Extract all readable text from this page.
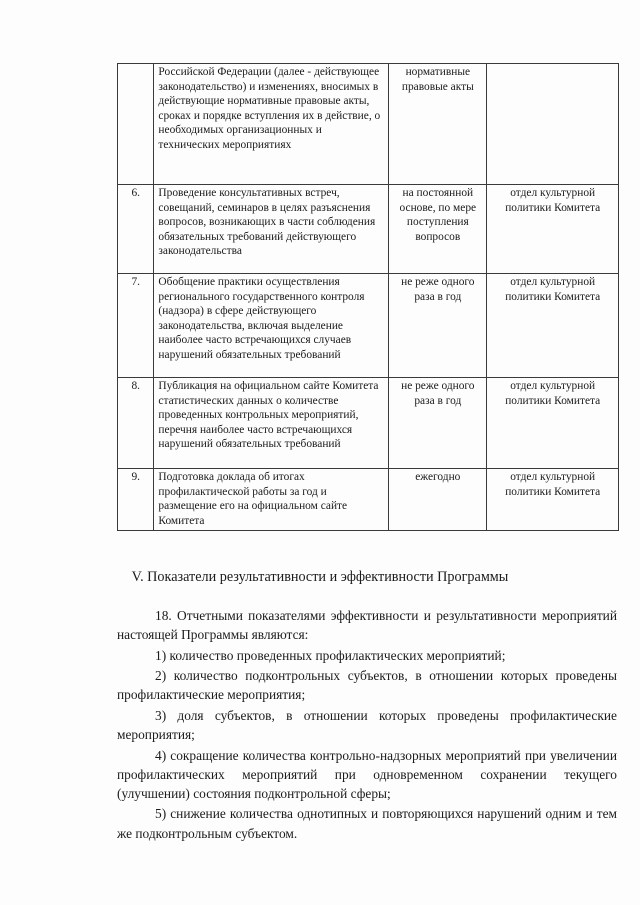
	Российской Федерации (далее - действующее законодательство) и изменениях, вносимых в действующие нормативные правовые акты, сроках и порядке вступления их в действие, о необходимых организационных и технических мероприятиях	нормативные правовые акты	
6.	Проведение консультативных встреч, совещаний, семинаров в целях разъяснения вопросов, возникающих в части соблюдения обязательных требований действующего законодательства	на постоянной основе, по мере поступления вопросов	отдел культурной политики Комитета
7.	Обобщение практики осуществления регионального государственного контроля (надзора) в сфере действующего законодательства, включая выделение наиболее часто встречающихся случаев нарушений обязательных требований	не реже одного раза в год	отдел культурной политики Комитета
8.	Публикация на официальном сайте Комитета статистических данных о количестве проведенных контрольных мероприятий, перечня наиболее часто встречающихся нарушений обязательных требований	не реже одного раза в год	отдел культурной политики Комитета
9.	Подготовка доклада об итогах профилактической работы за год и размещение его на официальном сайте Комитета	ежегодно	отдел культурной политики Комитета
V. Показатели результативности и эффективности Программы

18. Отчетными показателями эффективности и результативности мероприятий настоящей Программы являются:

1) количество проведенных профилактических мероприятий;

2) количество подконтрольных субъектов, в отношении которых проведены профилактические мероприятия;

3) доля субъектов, в отношении которых проведены профилактические мероприятия;

4) сокращение количества контрольно-надзорных мероприятий при увеличении профилактических мероприятий при одновременном сохранении текущего (улучшении) состояния подконтрольной сферы;

5) снижение количества однотипных и повторяющихся нарушений одним и тем же подконтрольным субъектом.
